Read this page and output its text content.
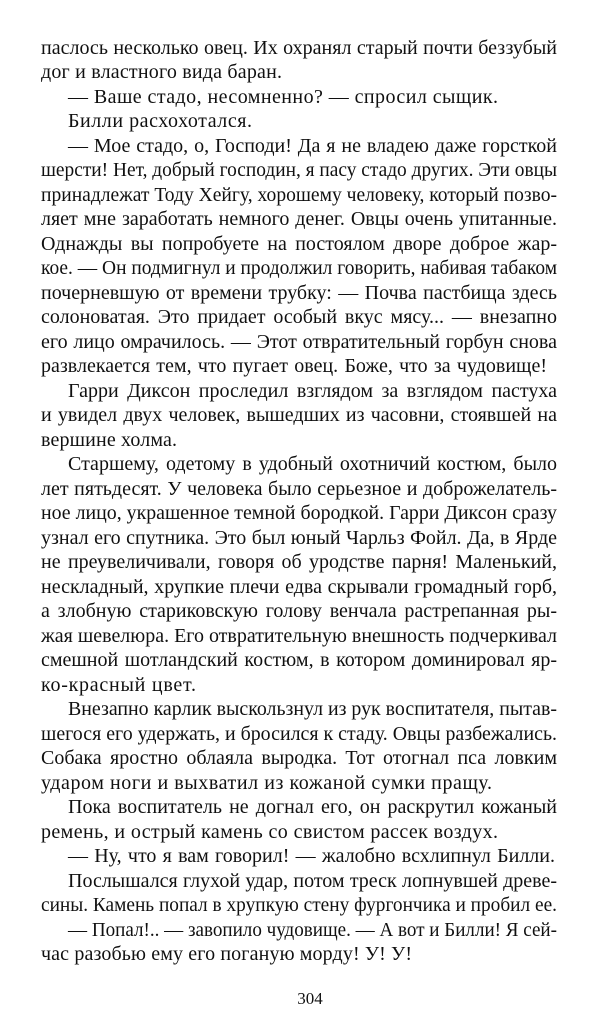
паслось несколько овец. Их охранял старый почти беззубый
дог и властного вида баран.
— Ваше стадо, несомненно? — спросил сыщик.
Билли расхохотался.
— Мое стадо, о, Господи! Да я не владею даже горсткой
шерсти! Нет, добрый господин, я пасу стадо других. Эти овцы
принадлежат Тоду Хейгу, хорошему человеку, который позво-
ляет мне заработать немного денег. Овцы очень упитанные.
Однажды вы попробуете на постоялом дворе доброе жар-
кое. — Он подмигнул и продолжил говорить, набивая табаком
почерневшую от времени трубку: — Почва пастбища здесь
солоноватая. Это придает особый вкус мясу... — внезапно
его лицо омрачилось. — Этот отвратительный горбун снова
развлекается тем, что пугает овец. Боже, что за чудовище!
Гарри Диксон проследил взглядом за взглядом пастуха
и увидел двух человек, вышедших из часовни, стоявшей на
вершине холма.
Старшему, одетому в удобный охотничий костюм, было
лет пятьдесят. У человека было серьезное и доброжелатель-
ное лицо, украшенное темной бородкой. Гарри Диксон сразу
узнал его спутника. Это был юный Чарльз Фойл. Да, в Ярде
не преувеличивали, говоря об уродстве парня! Маленький,
нескладный, хрупкие плечи едва скрывали громадный горб,
а злобную стариковскую голову венчала растрепанная ры-
жая шевелюра. Его отвратительную внешность подчеркивал
смешной шотландский костюм, в котором доминировал яр-
ко-красный цвет.
Внезапно карлик выскользнул из рук воспитателя, пытав-
шегося его удержать, и бросился к стаду. Овцы разбежались.
Собака яростно облаяла выродка. Тот отогнал пса ловким
ударом ноги и выхватил из кожаной сумки пращу.
Пока воспитатель не догнал его, он раскрутил кожаный
ремень, и острый камень со свистом рассек воздух.
— Ну, что я вам говорил! — жалобно всхлипнул Билли.
Послышался глухой удар, потом треск лопнувшей древе-
сины. Камень попал в хрупкую стену фургончика и пробил ее.
— Попал!.. — завопило чудовище. — А вот и Билли! Я сей-
час разобью ему его поганую морду! У! У!
304
